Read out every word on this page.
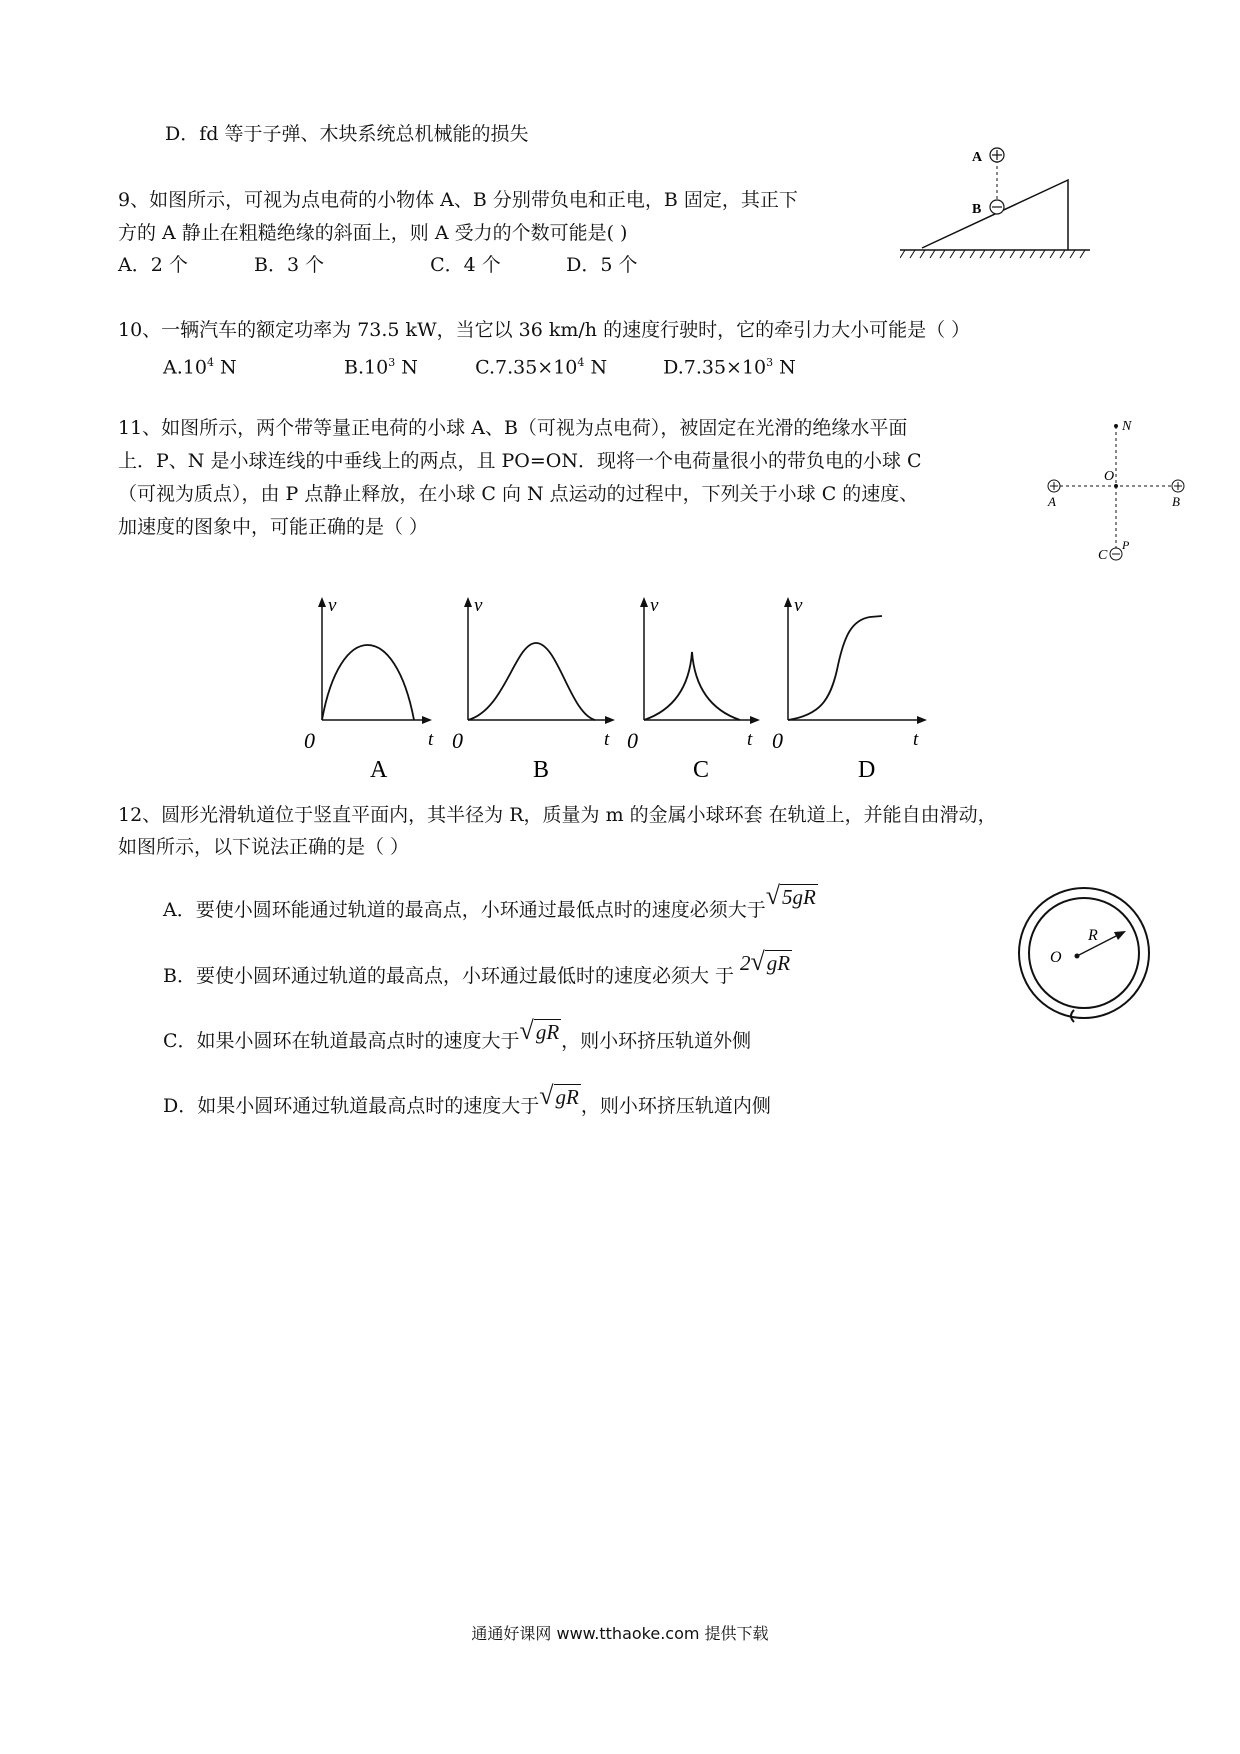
D．fd 等于子弹、木块系统总机械能的损失
9、如图所示，可视为点电荷的小物体 A、B 分别带负电和正电，B 固定，其正下
方的 A 静止在粗糙绝缘的斜面上，则 A 受力的个数可能是( )
A．2 个	B．3 个	C．4 个	D．5 个
A
B
10、一辆汽车的额定功率为 73.5 kW，当它以 36 km/h 的速度行驶时，它的牵引力大小可能是（ ）
$A.10^4$ N	$B.10^3$ N	$C.7.35\times 10^4$ N	$D.7.35\times 10^3$ N
11、如图所示，两个带等量正电荷的小球 A、B（可视为点电荷），被固定在光滑的绝缘水平面
上．P、N 是小球连线的中垂线上的两点，且 PO=ON．现将一个电荷量很小的带负电的小球 C
（可视为质点），由 P 点静止释放，在小球 C 向 N 点运动的过程中，下列关于小球 C 的速度、
加速度的图象中，可能正确的是（ ）
N
O
A	B
C
P
v
t
0
A
v
t
0
B
v
t
0
C
v
t
0
D
12、圆形光滑轨道位于竖直平面内，其半径为 R，质量为 m 的金属小球环套 在轨道上，并能自由滑动，
如图所示，以下说法正确的是（ ）
A．要使小圆环能通过轨道的最高点，小环通过最低点时的速度必须大于√5gR
B．要使小圆环通过轨道的最高点，小环通过最低时的速度必须大 于2√gR
C．如果小圆环在轨道最高点时的速度大于√gR ，则小环挤压轨道外侧
D．如果小圆环通过轨道最高点时的速度大于√gR ，则小环挤压轨道内侧
O
R
通通好课网 www.tthaoke.com 提供下载
